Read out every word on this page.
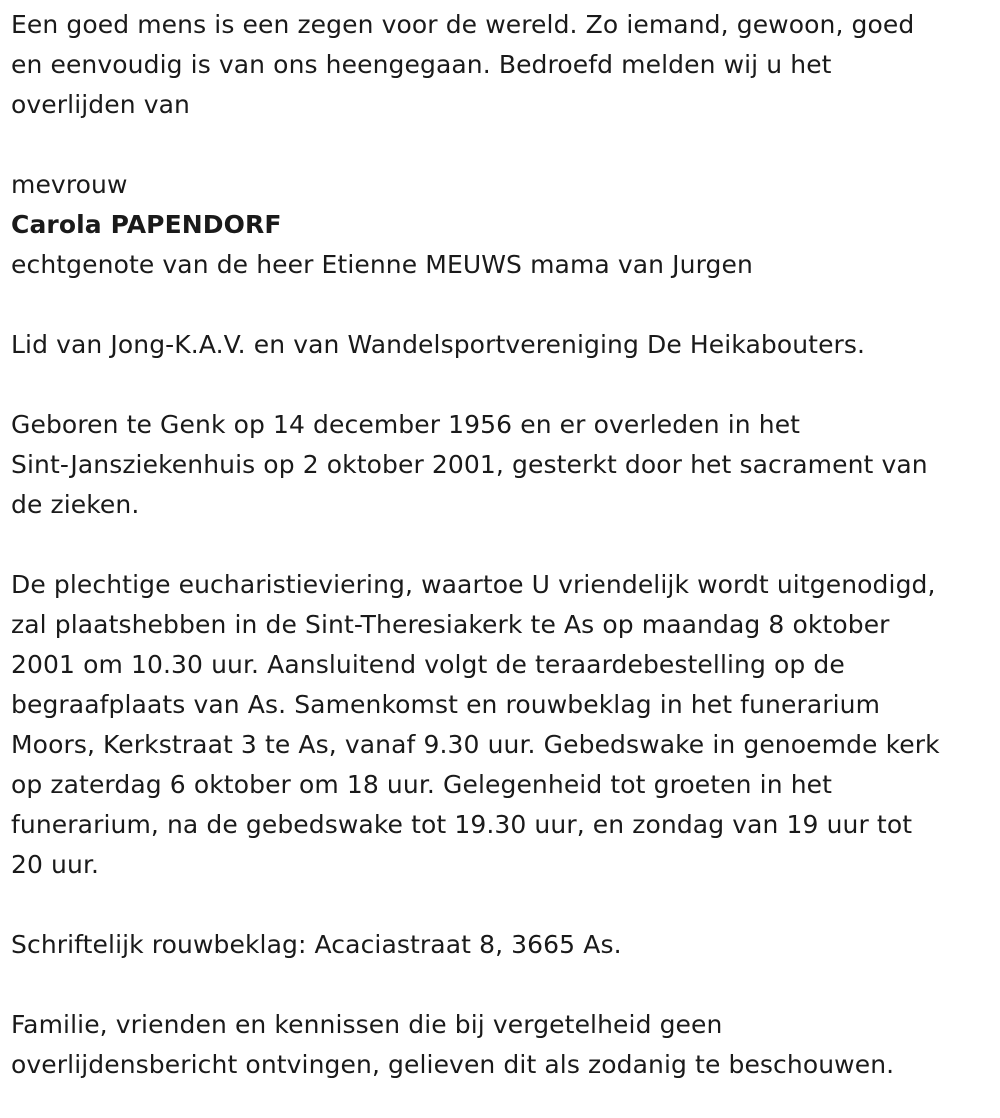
Een goed mens is een zegen voor de wereld. Zo iemand, gewoon, goed
en eenvoudig is van ons heengegaan. Bedroefd melden wij u het
overlijden van
mevrouw
Carola PAPENDORF
echtgenote van de heer Etienne MEUWS mama van Jurgen
Lid van Jong-K.A.V. en van Wandelsportvereniging De Heikabouters.
Geboren te Genk op 14 december 1956 en er overleden in het
Sint-Jansziekenhuis op 2 oktober 2001, gesterkt door het sacrament van
de zieken.
De plechtige eucharistieviering, waartoe U vriendelijk wordt uitgenodigd,
zal plaatshebben in de Sint-Theresiakerk te As op maandag 8 oktober
2001 om 10.30 uur. Aansluitend volgt de teraardebestelling op de
begraafplaats van As. Samenkomst en rouwbeklag in het funerarium
Moors, Kerkstraat 3 te As, vanaf 9.30 uur. Gebedswake in genoemde kerk
op zaterdag 6 oktober om 18 uur. Gelegenheid tot groeten in het
funerarium, na de gebedswake tot 19.30 uur, en zondag van 19 uur tot
20 uur.
Schriftelijk rouwbeklag: Acaciastraat 8, 3665 As.
Familie, vrienden en kennissen die bij vergetelheid geen
overlijdensbericht ontvingen, gelieven dit als zodanig te beschouwen.
